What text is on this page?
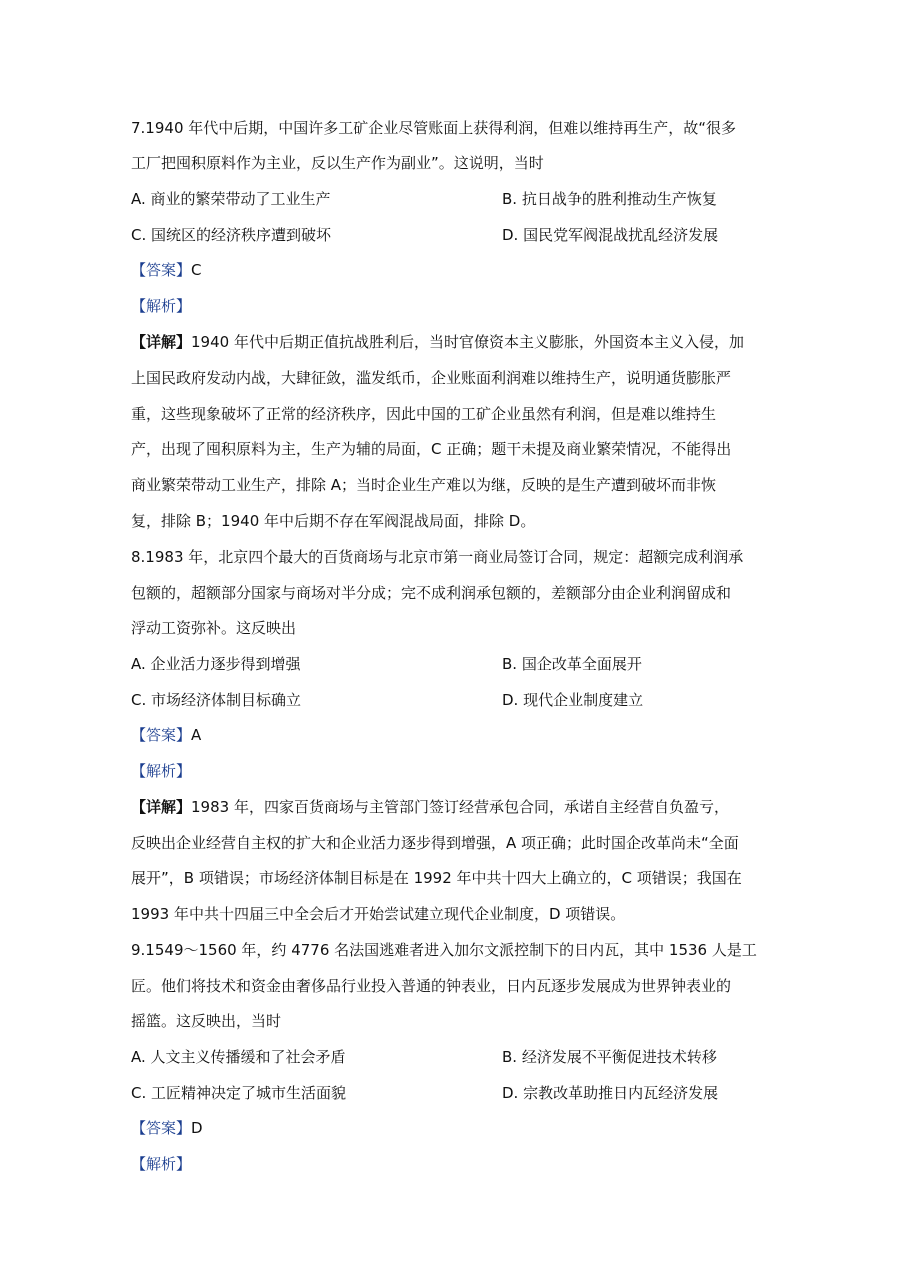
7.1940 年代中后期，中国许多工矿企业尽管账面上获得利润，但难以维持再生产，故“很多
工厂把囤积原料作为主业，反以生产作为副业”。这说明，当时
A. 商业的繁荣带动了工业生产	B. 抗日战争的胜利推动生产恢复
C. 国统区的经济秩序遭到破坏	D. 国民党军阀混战扰乱经济发展
【答案】C
【解析】
【详解】1940 年代中后期正值抗战胜利后，当时官僚资本主义膨胀，外国资本主义入侵，加
上国民政府发动内战，大肆征敛，滥发纸币，企业账面利润难以维持生产，说明通货膨胀严
重，这些现象破坏了正常的经济秩序，因此中国的工矿企业虽然有利润，但是难以维持生
产，出现了囤积原料为主，生产为辅的局面，C 正确；题干未提及商业繁荣情况，不能得出
商业繁荣带动工业生产，排除 A；当时企业生产难以为继，反映的是生产遭到破坏而非恢
复，排除 B；1940 年中后期不存在军阀混战局面，排除 D。
8.1983 年，北京四个最大的百货商场与北京市第一商业局签订合同，规定：超额完成利润承
包额的，超额部分国家与商场对半分成；完不成利润承包额的，差额部分由企业利润留成和
浮动工资弥补。这反映出
A. 企业活力逐步得到增强	B. 国企改革全面展开
C. 市场经济体制目标确立	D. 现代企业制度建立
【答案】A
【解析】
【详解】1983 年，四家百货商场与主管部门签订经营承包合同，承诺自主经营自负盈亏，
反映出企业经营自主权的扩大和企业活力逐步得到增强，A 项正确；此时国企改革尚未“全面
展开”，B 项错误；市场经济体制目标是在 1992 年中共十四大上确立的，C 项错误；我国在
1993 年中共十四届三中全会后才开始尝试建立现代企业制度，D 项错误。
9.1549～1560 年，约 4776 名法国逃难者进入加尔文派控制下的日内瓦，其中 1536 人是工
匠。他们将技术和资金由奢侈品行业投入普通的钟表业，日内瓦逐步发展成为世界钟表业的
摇篮。这反映出，当时
A. 人文主义传播缓和了社会矛盾	B. 经济发展不平衡促进技术转移
C. 工匠精神决定了城市生活面貌	D. 宗教改革助推日内瓦经济发展
【答案】D
【解析】
